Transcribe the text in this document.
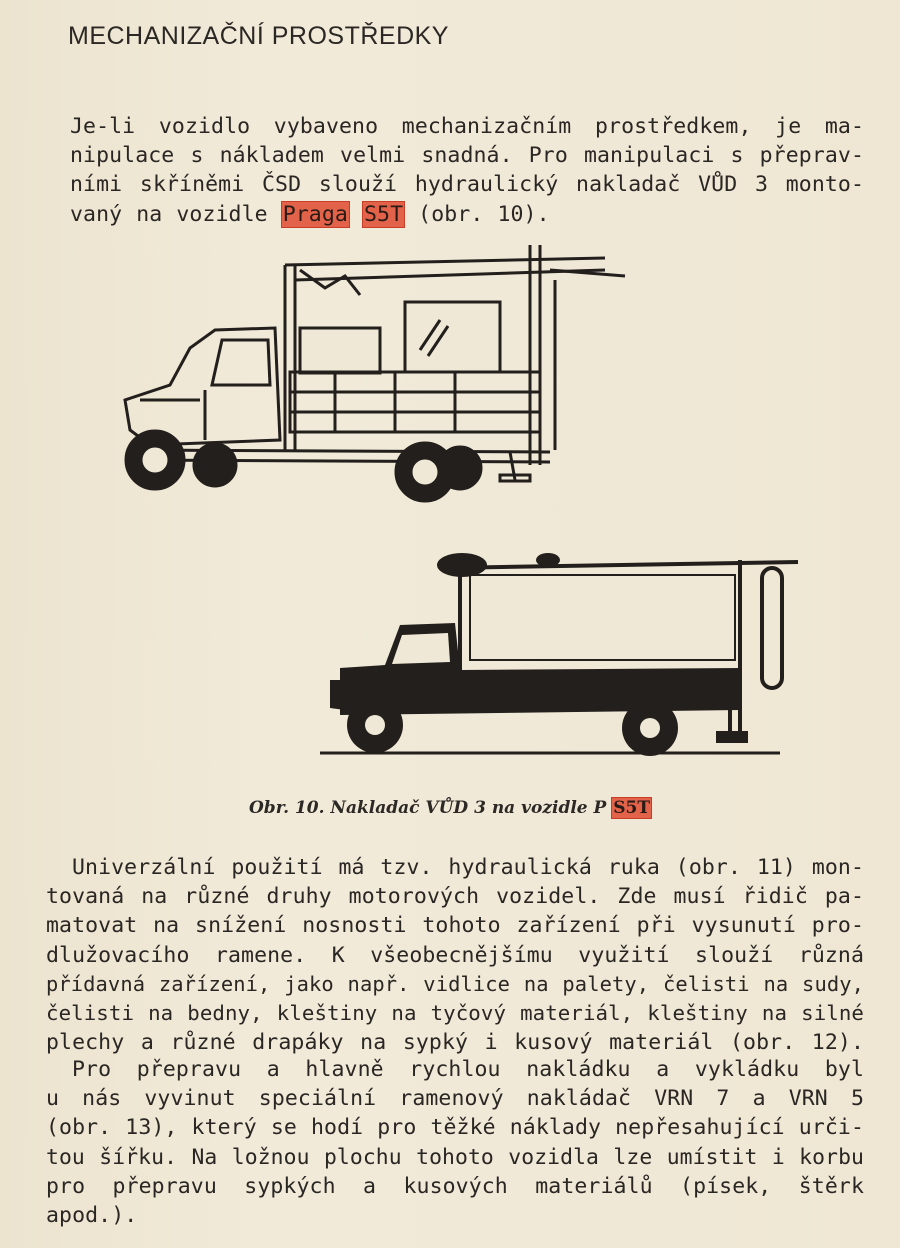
MECHANIZAČNÍ PROSTŘEDKY
Je-li vozidlo vybaveno mechanizačním prostředkem, je ma-
nipulace s nákladem velmi snadná. Pro manipulaci s přeprav-
ními skříněmi ČSD slouží hydraulický nakladač VŮD 3 monto-
vaný na vozidle Praga S5T (obr. 10).
Obr. 10. Nakladač VŮD 3 na vozidle P S5T
Univerzální použití má tzv. hydraulická ruka (obr. 11) mon-
tovaná na různé druhy motorových vozidel. Zde musí řidič pa-
matovat na snížení nosnosti tohoto zařízení při vysunutí pro-
dlužovacího ramene. K všeobecnějšímu využití slouží různá
přídavná zařízení, jako např. vidlice na palety, čelisti na sudy,
čelisti na bedny, kleštiny na tyčový materiál, kleštiny na silné
plechy a různé drapáky na sypký i kusový materiál (obr. 12).
Pro přepravu a hlavně rychlou nakládku a vykládku byl
u nás vyvinut speciální ramenový nakládač VRN 7 a VRN 5
(obr. 13), který se hodí pro těžké náklady nepřesahující urči-
tou šířku. Na ložnou plochu tohoto vozidla lze umístit i korbu
pro přepravu sypkých a kusových materiálů (písek, štěrk
apod.).
